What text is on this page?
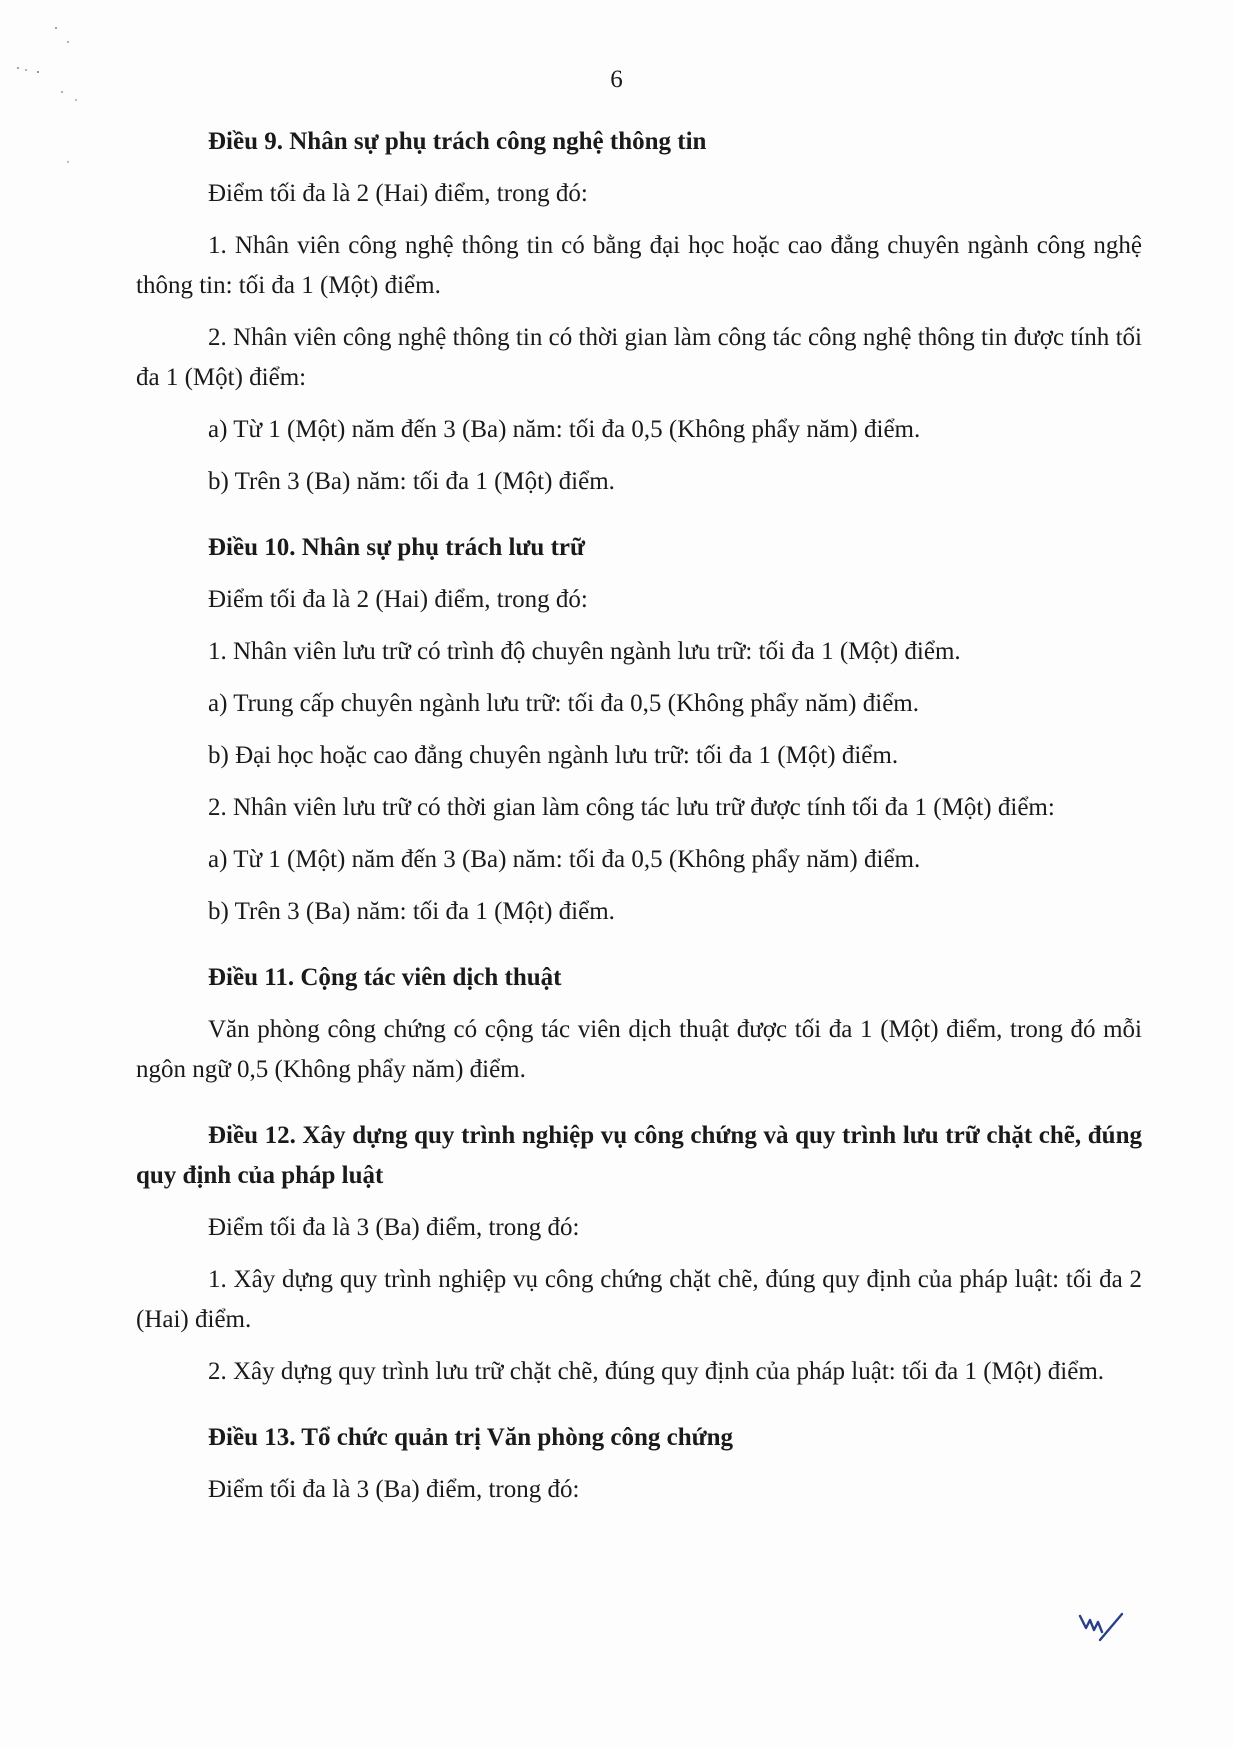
6

Điều 9. Nhân sự phụ trách công nghệ thông tin

Điểm tối đa là 2 (Hai) điểm, trong đó:

1. Nhân viên công nghệ thông tin có bằng đại học hoặc cao đẳng chuyên ngành công nghệ thông tin: tối đa 1 (Một) điểm.

2. Nhân viên công nghệ thông tin có thời gian làm công tác công nghệ thông tin được tính tối đa 1 (Một) điểm:

a) Từ 1 (Một) năm đến 3 (Ba) năm: tối đa 0,5 (Không phẩy năm) điểm.

b) Trên 3 (Ba) năm: tối đa 1 (Một) điểm.

Điều 10. Nhân sự phụ trách lưu trữ

Điểm tối đa là 2 (Hai) điểm, trong đó:

1. Nhân viên lưu trữ có trình độ chuyên ngành lưu trữ: tối đa 1 (Một) điểm.

a) Trung cấp chuyên ngành lưu trữ: tối đa 0,5 (Không phẩy năm) điểm.

b) Đại học hoặc cao đẳng chuyên ngành lưu trữ: tối đa 1 (Một) điểm.

2. Nhân viên lưu trữ có thời gian làm công tác lưu trữ được tính tối đa 1 (Một) điểm:

a) Từ 1 (Một) năm đến 3 (Ba) năm: tối đa 0,5 (Không phẩy năm) điểm.

b) Trên 3 (Ba) năm: tối đa 1 (Một) điểm.

Điều 11. Cộng tác viên dịch thuật

Văn phòng công chứng có cộng tác viên dịch thuật được tối đa 1 (Một) điểm, trong đó mỗi ngôn ngữ 0,5 (Không phẩy năm) điểm.

Điều 12. Xây dựng quy trình nghiệp vụ công chứng và quy trình lưu trữ chặt chẽ, đúng quy định của pháp luật

Điểm tối đa là 3 (Ba) điểm, trong đó:

1. Xây dựng quy trình nghiệp vụ công chứng chặt chẽ, đúng quy định của pháp luật: tối đa 2 (Hai) điểm.

2. Xây dựng quy trình lưu trữ chặt chẽ, đúng quy định của pháp luật: tối đa 1 (Một) điểm.

Điều 13. Tổ chức quản trị Văn phòng công chứng

Điểm tối đa là 3 (Ba) điểm, trong đó:
